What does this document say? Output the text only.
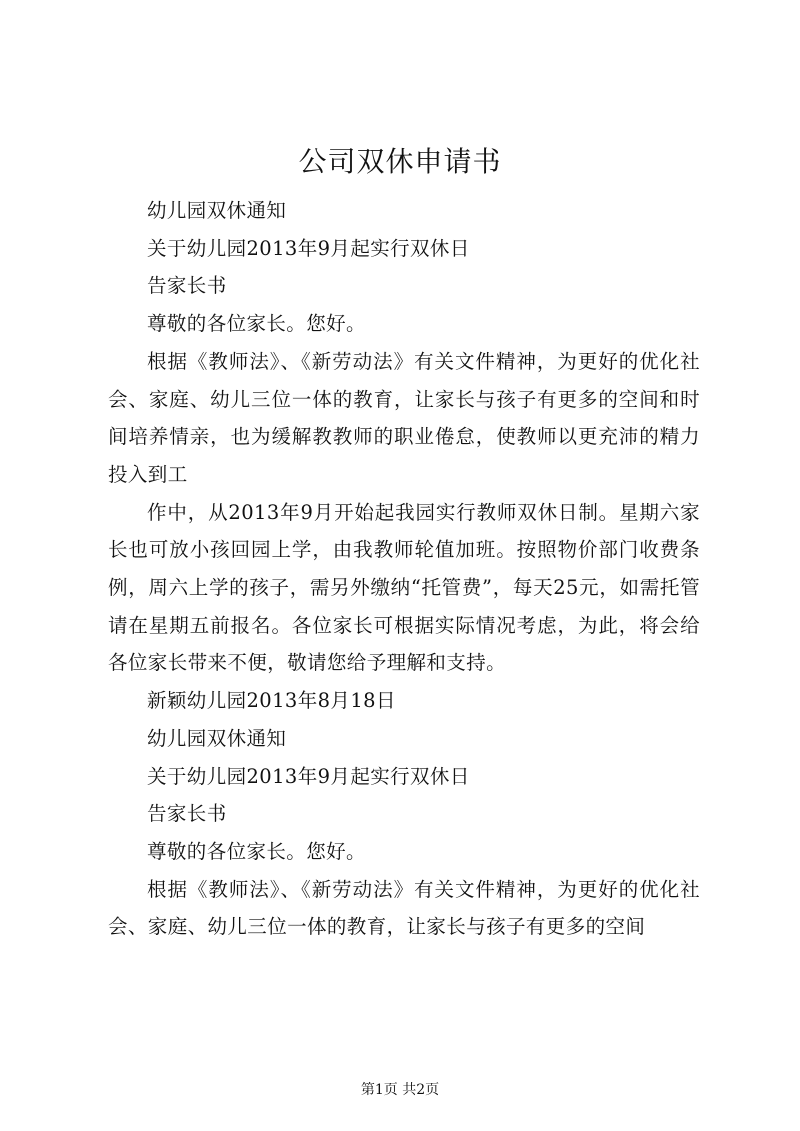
公司双休申请书

幼儿园双休通知

关于幼儿园2013年9月起实行双休日

告家长书

尊敬的各位家长。您好。

根据《教师法》、《新劳动法》有关文件精神，为更好的优化社会、家庭、幼儿三位一体的教育，让家长与孩子有更多的空间和时间培养情亲，也为缓解教教师的职业倦怠，使教师以更充沛的精力投入到工

作中，从2013年9月开始起我园实行教师双休日制。星期六家长也可放小孩回园上学，由我教师轮值加班。按照物价部门收费条例，周六上学的孩子，需另外缴纳“托管费”，每天25元，如需托管请在星期五前报名。各位家长可根据实际情况考虑，为此，将会给各位家长带来不便，敬请您给予理解和支持。

新颖幼儿园2013年8月18日

幼儿园双休通知

关于幼儿园2013年9月起实行双休日

告家长书

尊敬的各位家长。您好。

根据《教师法》、《新劳动法》有关文件精神，为更好的优化社会、家庭、幼儿三位一体的教育，让家长与孩子有更多的空间

第1页 共2页
